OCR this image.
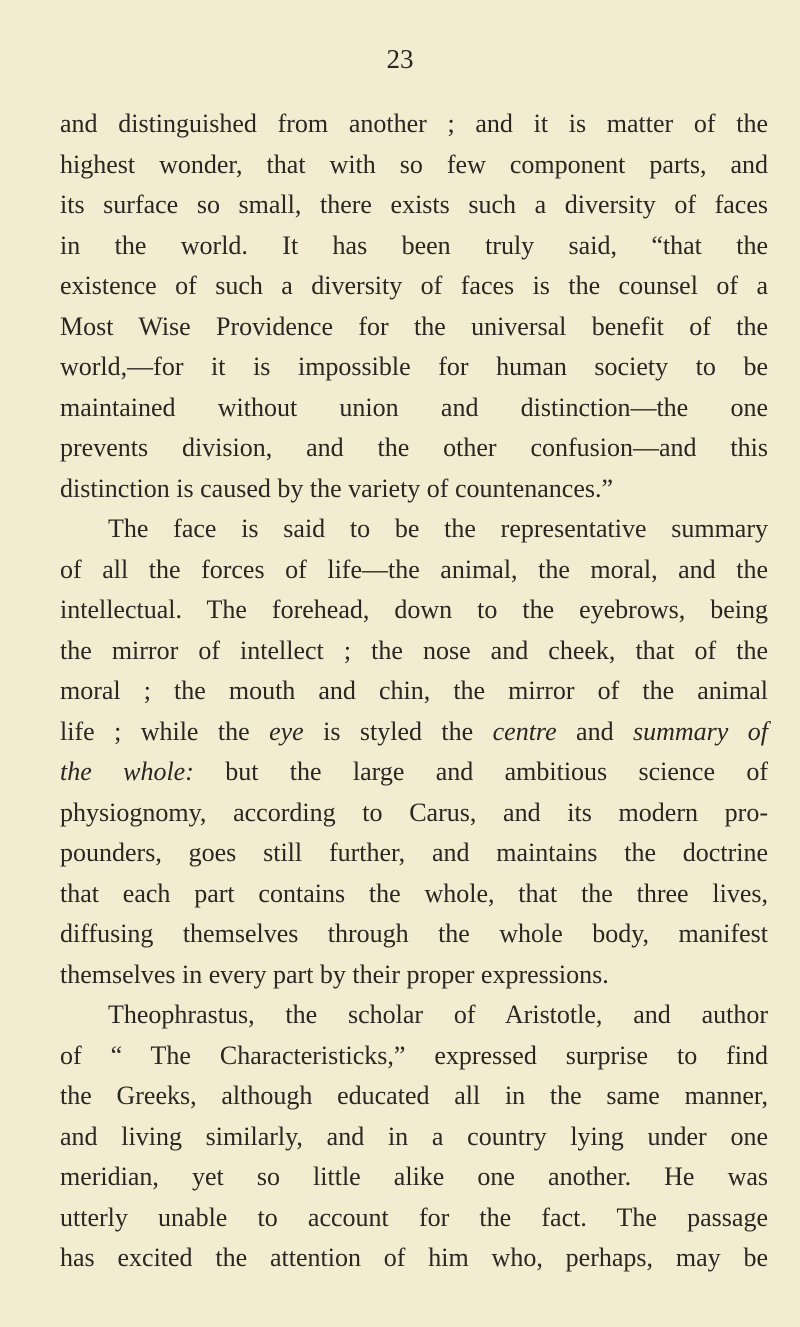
23
and distinguished from another ; and it is matter of the
highest wonder, that with so few component parts, and
its surface so small, there exists such a diversity of faces
in the world. It has been truly said, “that the
existence of such a diversity of faces is the counsel of a
Most Wise Providence for the universal benefit of the
world,—for it is impossible for human society to be
maintained without union and distinction—the one
prevents division, and the other confusion—and this
distinction is caused by the variety of countenances.”
The face is said to be the representative summary
of all the forces of life—the animal, the moral, and the
intellectual. The forehead, down to the eyebrows, being
the mirror of intellect ; the nose and cheek, that of the
moral ; the mouth and chin, the mirror of the animal
life ; while the eye is styled the centre and summary of
the whole: but the large and ambitious science of
physiognomy, according to Carus, and its modern pro-
pounders, goes still further, and maintains the doctrine
that each part contains the whole, that the three lives,
diffusing themselves through the whole body, manifest
themselves in every part by their proper expressions.
Theophrastus, the scholar of Aristotle, and author
of “ The Characteristicks,” expressed surprise to find
the Greeks, although educated all in the same manner,
and living similarly, and in a country lying under one
meridian, yet so little alike one another. He was
utterly unable to account for the fact. The passage
has excited the attention of him who, perhaps, may be
